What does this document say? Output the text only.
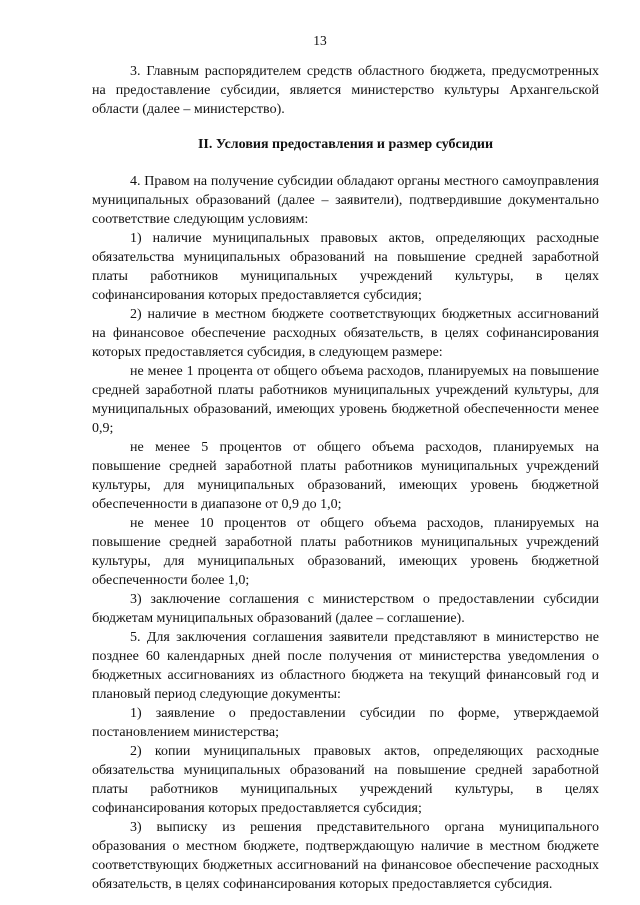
13

3. Главным распорядителем средств областного бюджета, предусмотренных на предоставление субсидии, является министерство культуры Архангельской области (далее – министерство).

II. Условия предоставления и размер субсидии

4. Правом на получение субсидии обладают органы местного самоуправления муниципальных образований (далее – заявители), подтвердившие документально соответствие следующим условиям:

1) наличие муниципальных правовых актов, определяющих расходные обязательства муниципальных образований на повышение средней заработной платы работников муниципальных учреждений культуры, в целях софинансирования которых предоставляется субсидия;

2) наличие в местном бюджете соответствующих бюджетных ассигнований на финансовое обеспечение расходных обязательств, в целях софинансирования которых предоставляется субсидия, в следующем размере:

не менее 1 процента от общего объема расходов, планируемых на повышение средней заработной платы работников муниципальных учреждений культуры, для муниципальных образований, имеющих уровень бюджетной обеспеченности менее 0,9;

не менее 5 процентов от общего объема расходов, планируемых на повышение средней заработной платы работников муниципальных учреждений культуры, для муниципальных образований, имеющих уровень бюджетной обеспеченности в диапазоне от 0,9 до 1,0;

не менее 10 процентов от общего объема расходов, планируемых на повышение средней заработной платы работников муниципальных учреждений культуры, для муниципальных образований, имеющих уровень бюджетной обеспеченности более 1,0;

3) заключение соглашения с министерством о предоставлении субсидии бюджетам муниципальных образований (далее – соглашение).

5. Для заключения соглашения заявители представляют в министерство не позднее 60 календарных дней после получения от министерства уведомления о бюджетных ассигнованиях из областного бюджета на текущий финансовый год и плановый период следующие документы:

1) заявление о предоставлении субсидии по форме, утверждаемой постановлением министерства;

2) копии муниципальных правовых актов, определяющих расходные обязательства муниципальных образований на повышение средней заработной платы работников муниципальных учреждений культуры, в целях софинансирования которых предоставляется субсидия;

3) выписку из решения представительного органа муниципального образования о местном бюджете, подтверждающую наличие в местном бюджете соответствующих бюджетных ассигнований на финансовое обеспечение расходных обязательств, в целях софинансирования которых предоставляется субсидия.
